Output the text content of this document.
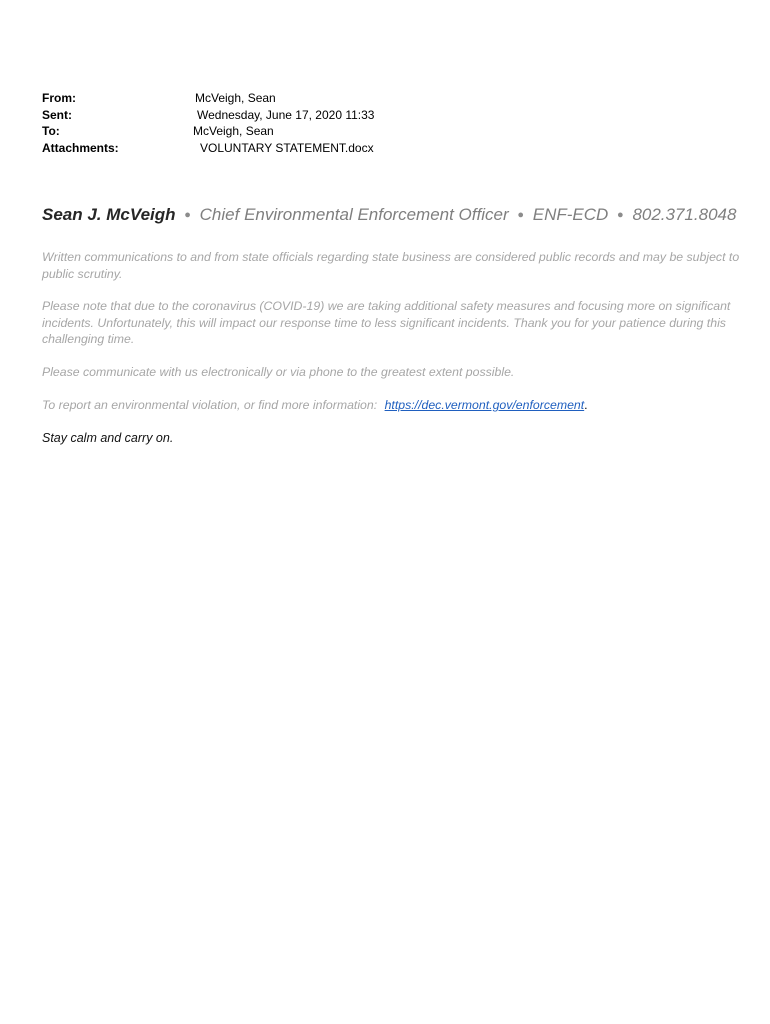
From:	McVeigh, Sean
Sent:	Wednesday, June 17, 2020 11:33
To:	McVeigh, Sean
Attachments:	VOLUNTARY STATEMENT.docx
Sean J. McVeigh ● Chief Environmental Enforcement Officer ● ENF-ECD ● 802.371.8048
Written communications to and from state officials regarding state business are considered public records and may be subject to public scrutiny.
Please note that due to the coronavirus (COVID-19) we are taking additional safety measures and focusing more on significant incidents. Unfortunately, this will impact our response time to less significant incidents. Thank you for your patience during this challenging time.
Please communicate with us electronically or via phone to the greatest extent possible.
To report an environmental violation, or find more information: https://dec.vermont.gov/enforcement.
Stay calm and carry on.
